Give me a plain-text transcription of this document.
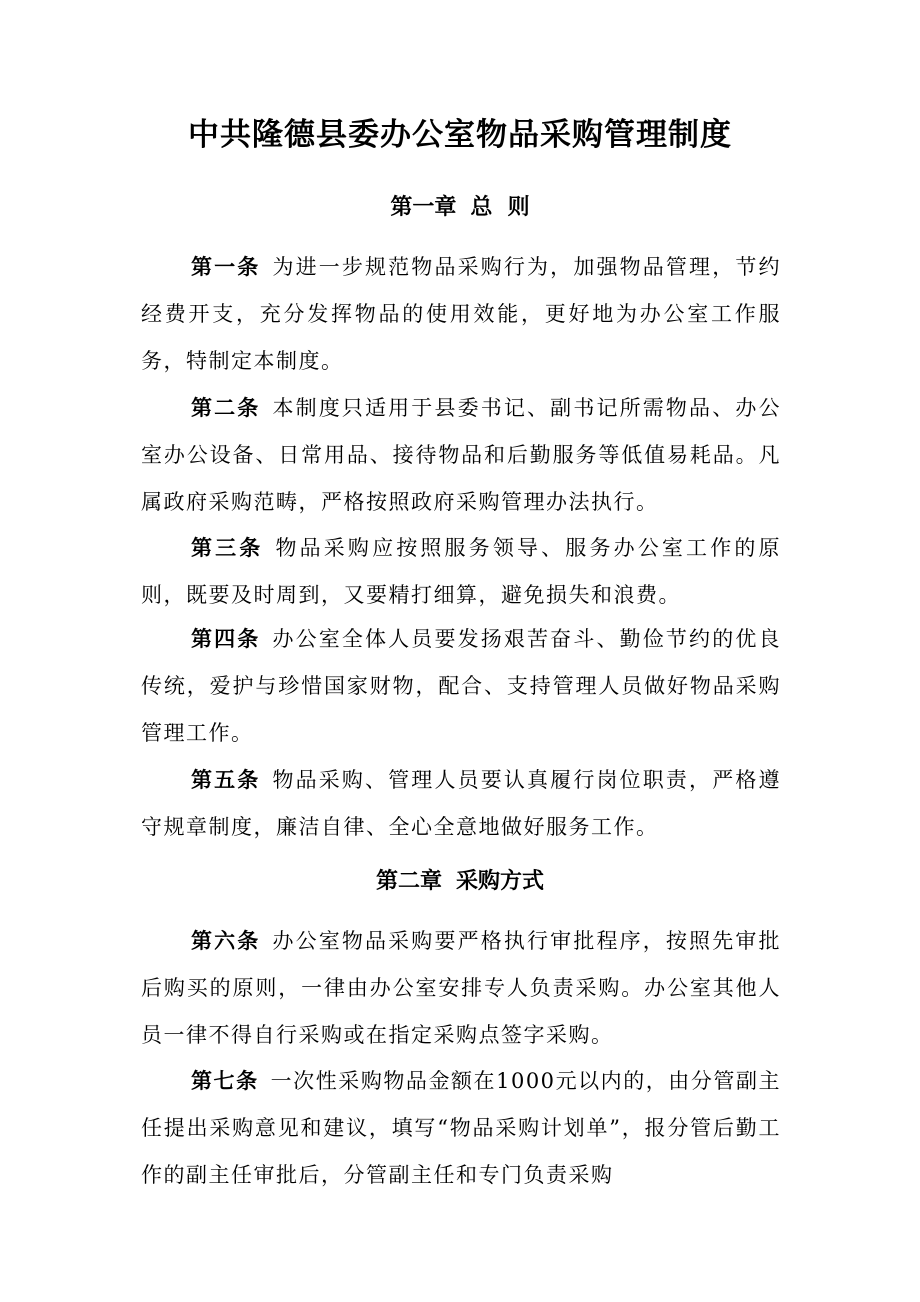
中共隆德县委办公室物品采购管理制度
第一章 总  则

第一条 为进一步规范物品采购行为，加强物品管理，节约经费开支，充分发挥物品的使用效能，更好地为办公室工作服务，特制定本制度。

第二条 本制度只适用于县委书记、副书记所需物品、办公室办公设备、日常用品、接待物品和后勤服务等低值易耗品。凡属政府采购范畴，严格按照政府采购管理办法执行。

第三条 物品采购应按照服务领导、服务办公室工作的原则，既要及时周到，又要精打细算，避免损失和浪费。

第四条 办公室全体人员要发扬艰苦奋斗、勤俭节约的优良传统，爱护与珍惜国家财物，配合、支持管理人员做好物品采购管理工作。

第五条 物品采购、管理人员要认真履行岗位职责，严格遵守规章制度，廉洁自律、全心全意地做好服务工作。

第二章 采购方式

第六条 办公室物品采购要严格执行审批程序，按照先审批后购买的原则，一律由办公室安排专人负责采购。办公室其他人员一律不得自行采购或在指定采购点签字采购。

第七条 一次性采购物品金额在1000元以内的，由分管副主任提出采购意见和建议，填写“物品采购计划单”，报分管后勤工作的副主任审批后，分管副主任和专门负责采购
